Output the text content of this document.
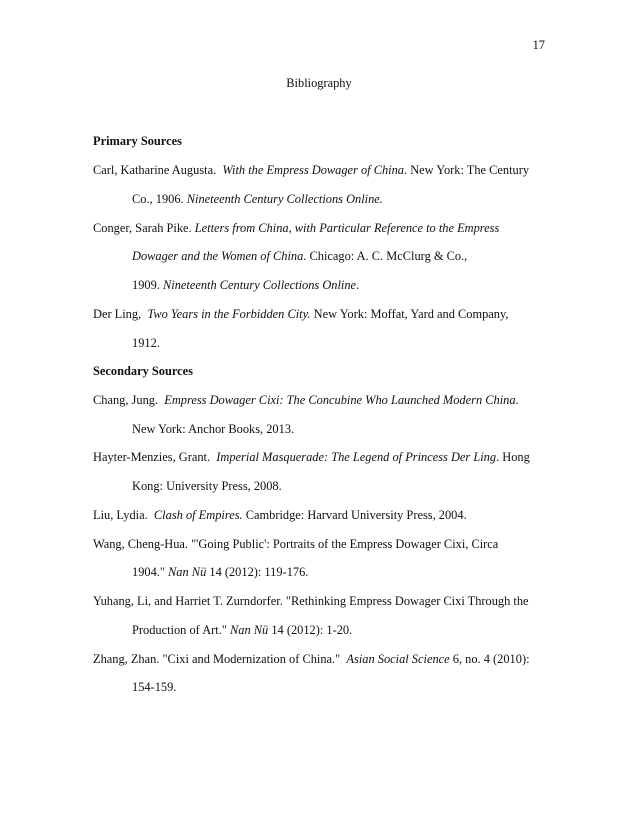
17
Bibliography
Primary Sources
Carl, Katharine Augusta. With the Empress Dowager of China. New York: The Century
Co., 1906. Nineteenth Century Collections Online.
Conger, Sarah Pike. Letters from China, with Particular Reference to the Empress
Dowager and the Women of China. Chicago: A. C. McClurg & Co.,
1909. Nineteenth Century Collections Online.
Der Ling, Two Years in the Forbidden City. New York: Moffat, Yard and Company,
1912.
Secondary Sources
Chang, Jung. Empress Dowager Cixi: The Concubine Who Launched Modern China.
New York: Anchor Books, 2013.
Hayter-Menzies, Grant. Imperial Masquerade: The Legend of Princess Der Ling. Hong
Kong: University Press, 2008.
Liu, Lydia. Clash of Empires. Cambridge: Harvard University Press, 2004.
Wang, Cheng-Hua. "'Going Public': Portraits of the Empress Dowager Cixi, Circa
1904." Nan Nü 14 (2012): 119-176.
Yuhang, Li, and Harriet T. Zurndorfer. "Rethinking Empress Dowager Cixi Through the
Production of Art." Nan Nü 14 (2012): 1-20.
Zhang, Zhan. "Cixi and Modernization of China." Asian Social Science 6, no. 4 (2010):
154-159.
